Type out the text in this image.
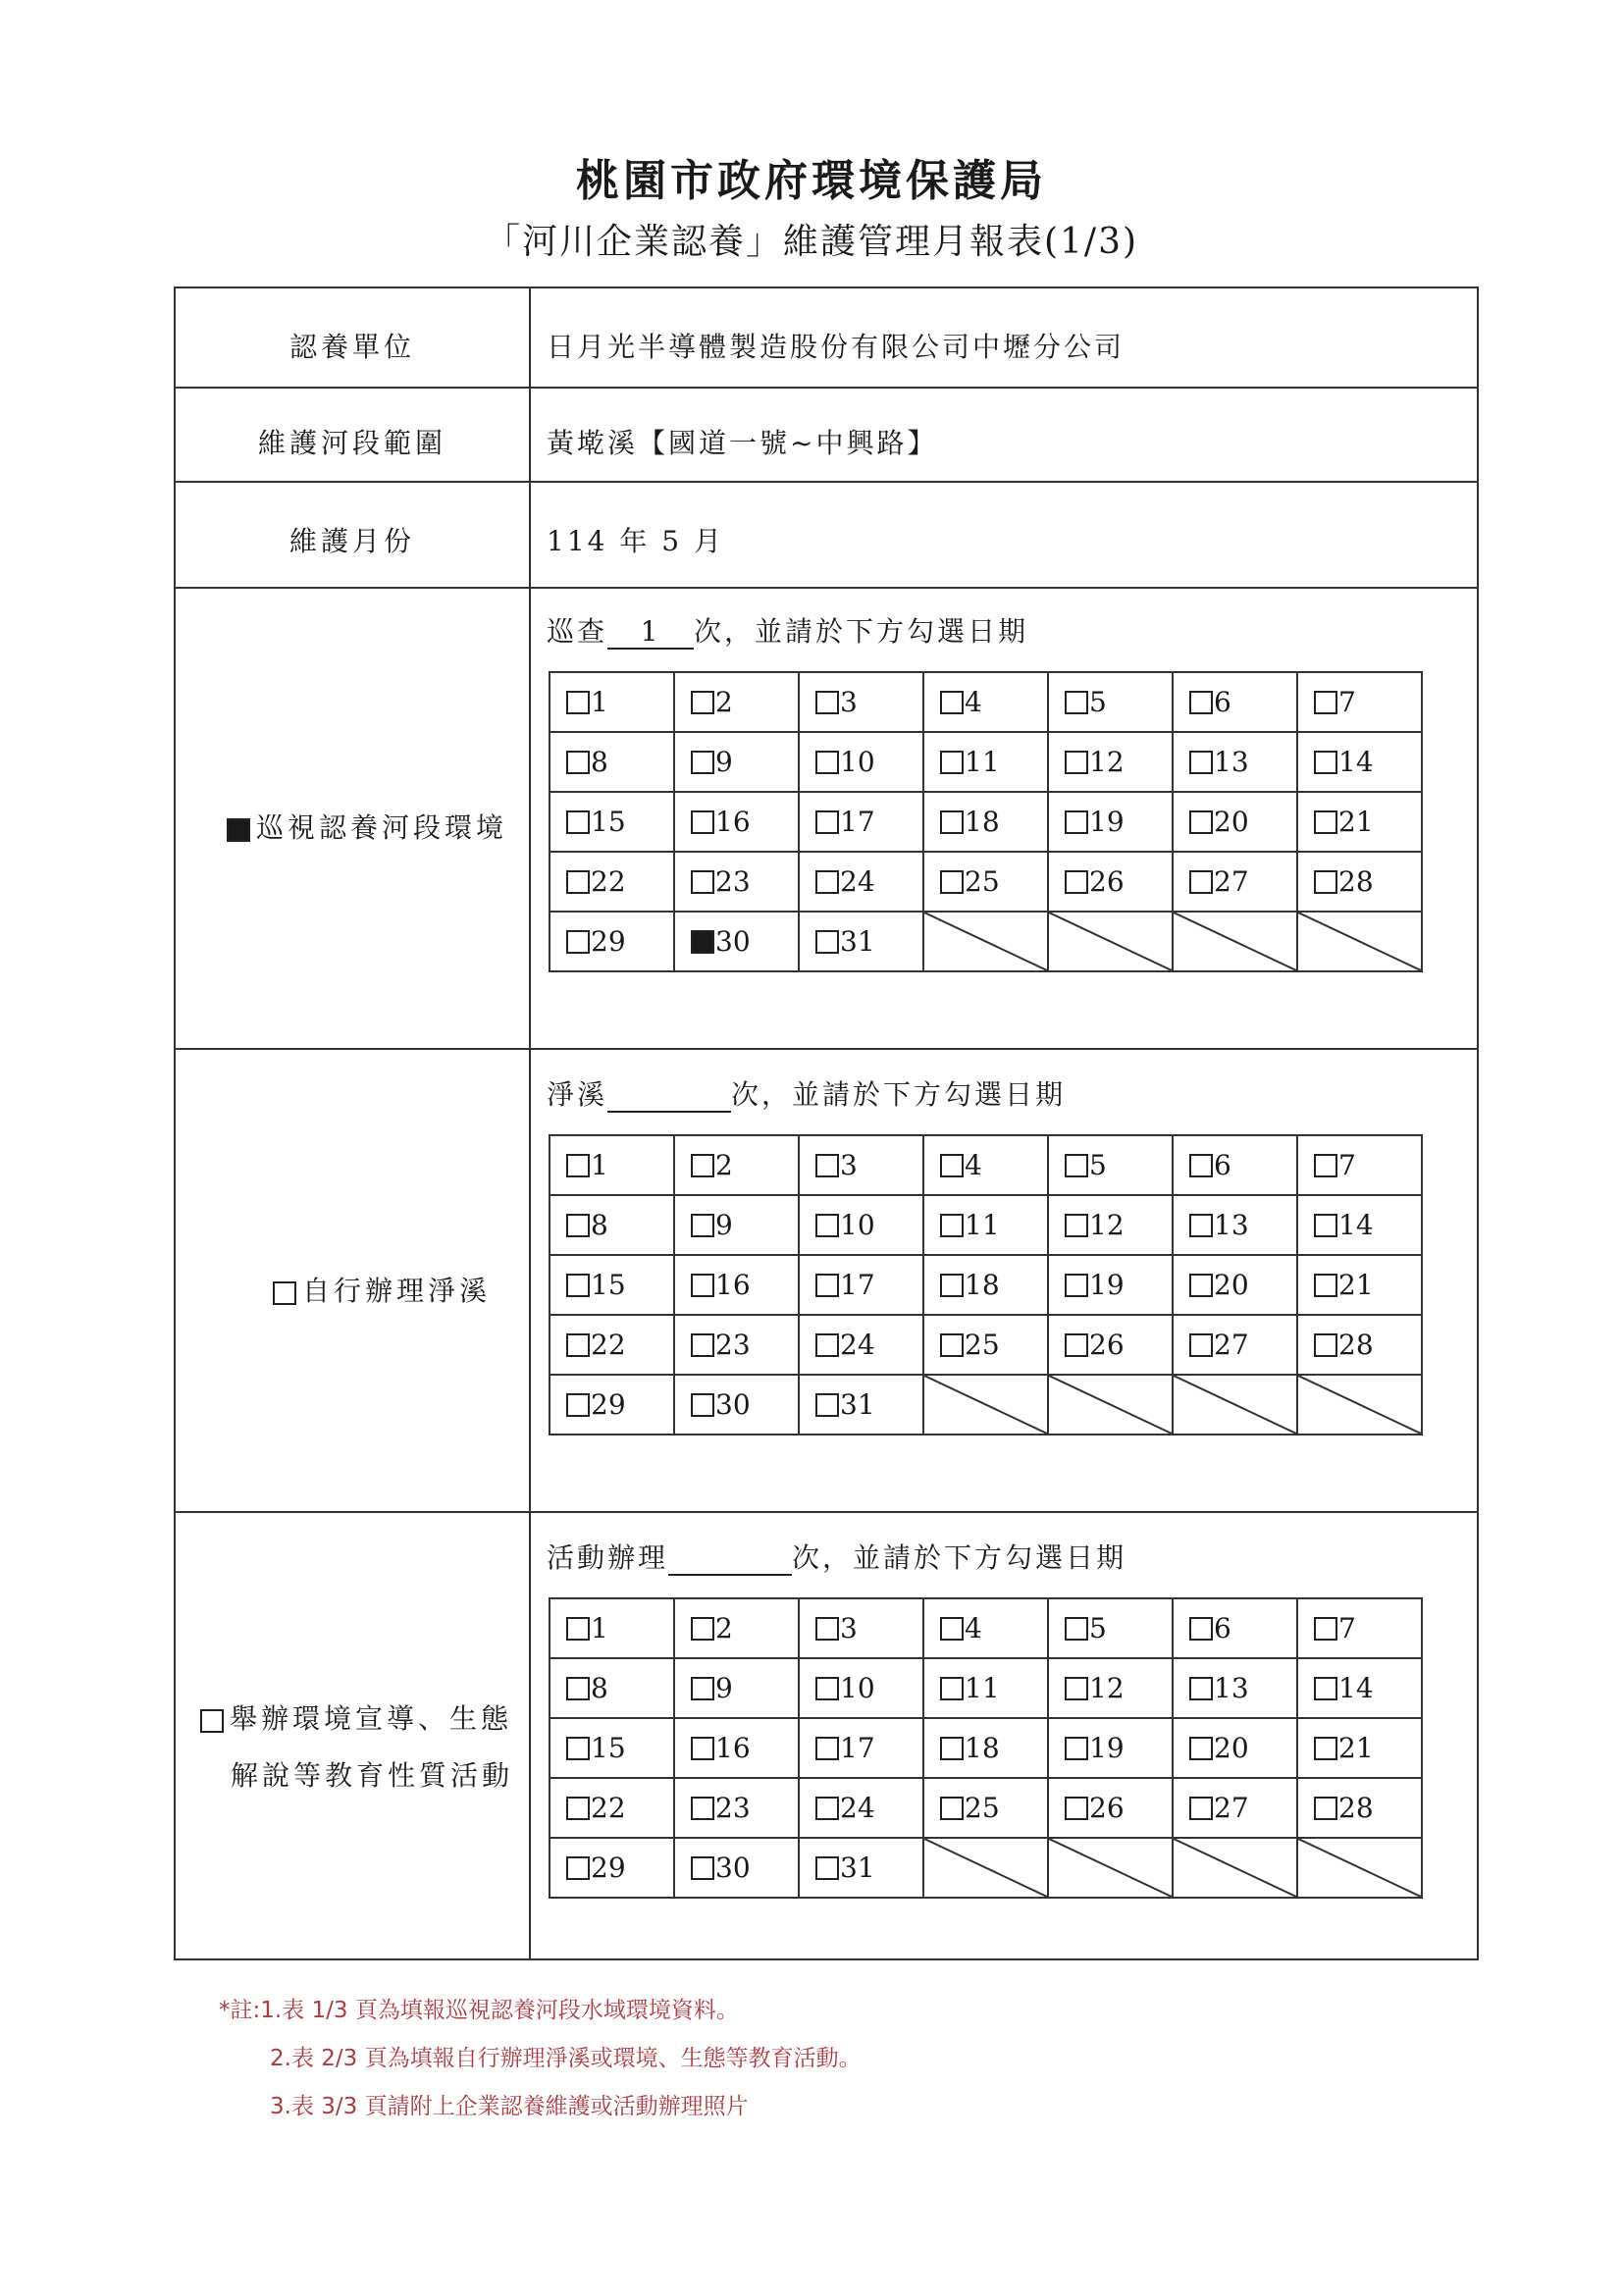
桃園市政府環境保護局
「河川企業認養」維護管理月報表(1/3)
認養單位	日月光半導體製造股份有限公司中壢分公司
維護河段範圍	黃墘溪【國道一號~中興路】
維護月份	114 年 5 月
巡視認養河段環境
巡查 1 次，並請於下方勾選日期
1	2	3	4	5	6	7
8	9	10	11	12	13	14
15	16	17	18	19	20	21
22	23	24	25	26	27	28
29	30	31	

自行辦理淨溪
淨溪	次，並請於下方勾選日期
1	2	3	4	5	6	7
8	9	10	11	12	13	14
15	16	17	18	19	20	21
22	23	24	25	26	27	28
29	30	31	

舉辦環境宣導、生態
解說等教育性質活動
活動辦理	次，並請於下方勾選日期
1	2	3	4	5	6	7
8	9	10	11	12	13	14
15	16	17	18	19	20	21
22	23	24	25	26	27	28
29	30	31	

*註:1.表 1/3 頁為填報巡視認養河段水域環境資料。
2.表 2/3 頁為填報自行辦理淨溪或環境、生態等教育活動。
3.表 3/3 頁請附上企業認養維護或活動辦理照片
